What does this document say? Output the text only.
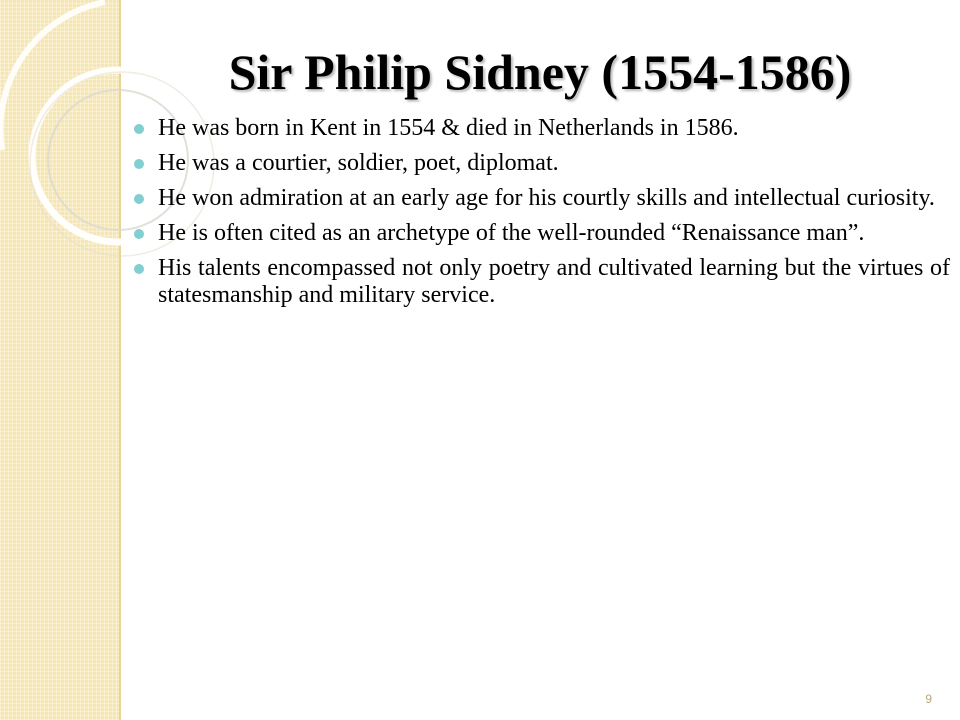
Sir Philip Sidney (1554-1586)
He was born in Kent in 1554 & died in Netherlands in 1586.
He was a courtier, soldier, poet, diplomat.
He won admiration at an early age for his courtly skills and intellectual curiosity.
He is often cited as an archetype of the well-rounded “Renaissance man”.
His talents encompassed not only poetry and cultivated learning but the virtues of statesmanship and military service.
9
